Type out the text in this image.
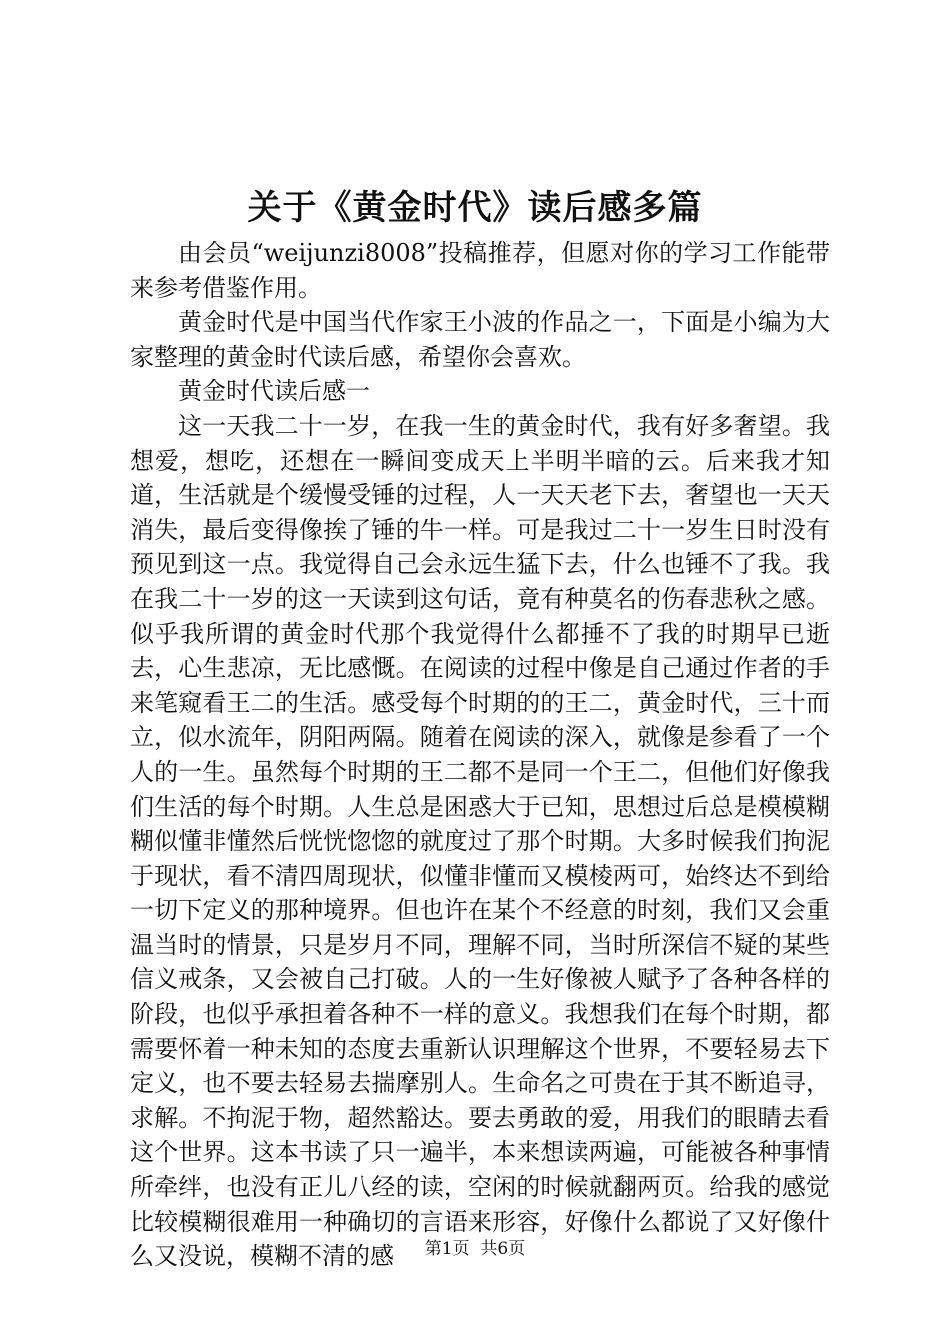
关于《黄金时代》读后感多篇

由会员“weijunzi8008”投稿推荐，但愿对你的学习工作能带来参考借鉴作用。

黄金时代是中国当代作家王小波的作品之一，下面是小编为大家整理的黄金时代读后感，希望你会喜欢。

黄金时代读后感一

这一天我二十一岁，在我一生的黄金时代，我有好多奢望。我想爱，想吃，还想在一瞬间变成天上半明半暗的云。后来我才知道，生活就是个缓慢受锤的过程，人一天天老下去，奢望也一天天消失，最后变得像挨了锤的牛一样。可是我过二十一岁生日时没有预见到这一点。我觉得自己会永远生猛下去，什么也锤不了我。我在我二十一岁的这一天读到这句话，竟有种莫名的伤春悲秋之感。似乎我所谓的黄金时代那个我觉得什么都捶不了我的时期早已逝去，心生悲凉，无比感慨。在阅读的过程中像是自己通过作者的手来笔窥看王二的生活。感受每个时期的的王二，黄金时代，三十而立，似水流年，阴阳两隔。随着在阅读的深入，就像是参看了一个人的一生。虽然每个时期的王二都不是同一个王二，但他们好像我们生活的每个时期。人生总是困惑大于已知，思想过后总是模模糊糊似懂非懂然后恍恍惚惚的就度过了那个时期。大多时候我们拘泥于现状，看不清四周现状，似懂非懂而又模棱两可，始终达不到给一切下定义的那种境界。但也许在某个不经意的时刻，我们又会重温当时的情景，只是岁月不同，理解不同，当时所深信不疑的某些信义戒条，又会被自己打破。人的一生好像被人赋予了各种各样的阶段，也似乎承担着各种不一样的意义。我想我们在每个时期，都需要怀着一种未知的态度去重新认识理解这个世界，不要轻易去下定义，也不要去轻易去揣摩别人。生命名之可贵在于其不断追寻，求解。不拘泥于物，超然豁达。要去勇敢的爱，用我们的眼睛去看这个世界。这本书读了只一遍半，本来想读两遍，可能被各种事情所牵绊，也没有正儿八经的读，空闲的时候就翻两页。给我的感觉比较模糊很难用一种确切的言语来形容，好像什么都说了又好像什么又没说，模糊不清的感	第1页 共6页
